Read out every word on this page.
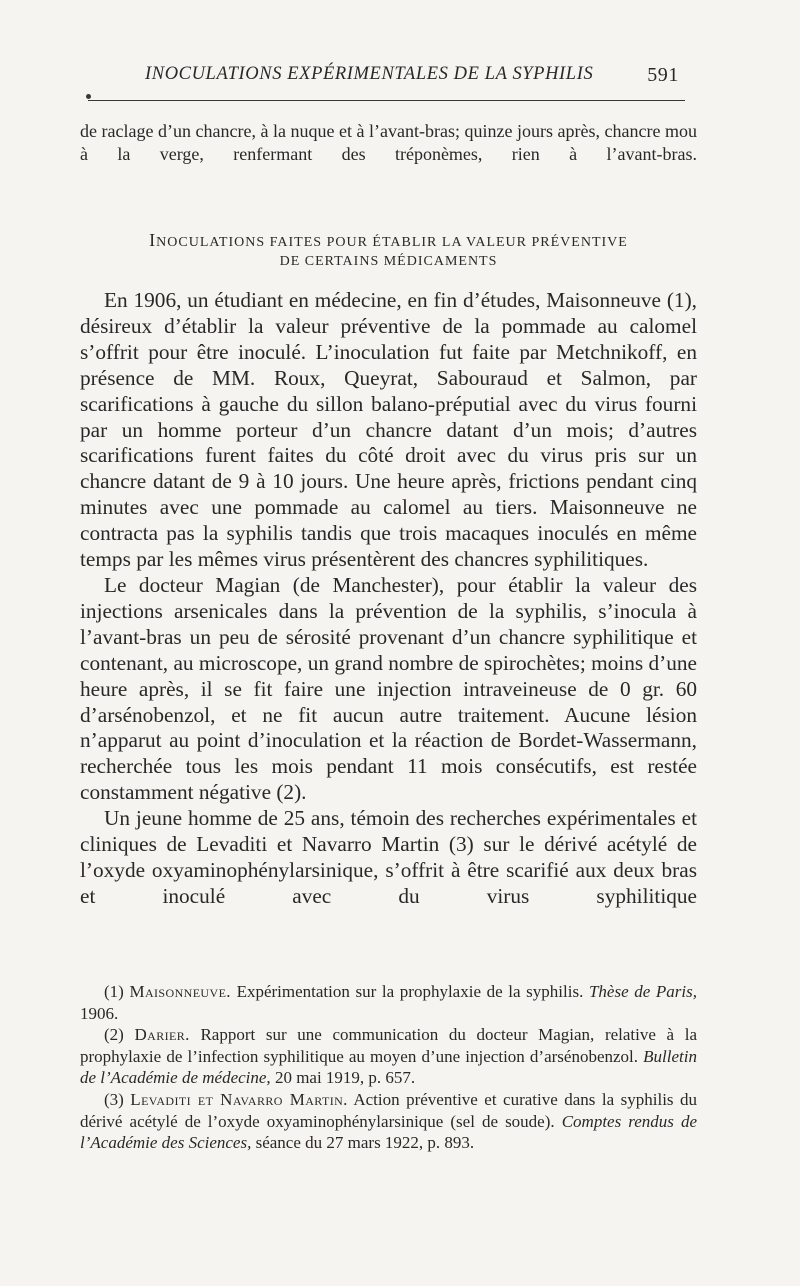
INOCULATIONS EXPÉRIMENTALES DE LA SYPHILIS	591
de raclage d’un chancre, à la nuque et à l’avant-bras; quinze jours après, chancre mou à la verge, renfermant des tréponèmes, rien à l’avant-bras.
INOCULATIONS FAITES POUR ÉTABLIR LA VALEUR PRÉVENTIVE
DE CERTAINS MÉDICAMENTS

En 1906, un étudiant en médecine, en fin d’études, Maisonneuve (1), désireux d’établir la valeur préventive de la pommade au calomel s’offrit pour être inoculé. L’inoculation fut faite par Metchnikoff, en présence de MM. Roux, Queyrat, Sabouraud et Salmon, par scarifications à gauche du sillon balano-préputial avec du virus fourni par un homme porteur d’un chancre datant d’un mois; d’autres scarifications furent faites du côté droit avec du virus pris sur un chancre datant de 9 à 10 jours. Une heure après, frictions pendant cinq minutes avec une pommade au calomel au tiers. Maisonneuve ne contracta pas la syphilis tandis que trois macaques inoculés en même temps par les mêmes virus présentèrent des chancres syphilitiques.

Le docteur Magian (de Manchester), pour établir la valeur des injections arsenicales dans la prévention de la syphilis, s’inocula à l’avant-bras un peu de sérosité provenant d’un chancre syphilitique et contenant, au microscope, un grand nombre de spirochètes; moins d’une heure après, il se fit faire une injection intraveineuse de 0 gr. 60 d’arsénobenzol, et ne fit aucun autre traitement. Aucune lésion n’apparut au point d’inoculation et la réaction de Bordet-Wassermann, recherchée tous les mois pendant 11 mois consécutifs, est restée constamment négative (2).

Un jeune homme de 25 ans, témoin des recherches expérimentales et cliniques de Levaditi et Navarro Martin (3) sur le dérivé acétylé de l’oxyde oxyaminophénylarsinique, s’offrit à être scarifié aux deux bras et inoculé avec du virus syphilitique

(1) Maisonneuve. Expérimentation sur la prophylaxie de la syphilis. Thèse de Paris, 1906.

(2) Darier. Rapport sur une communication du docteur Magian, relative à la prophylaxie de l’infection syphilitique au moyen d’une injection d’arsénobenzol. Bulletin de l’Académie de médecine, 20 mai 1919, p. 657.

(3) Levaditi et Navarro Martin. Action préventive et curative dans la syphilis du dérivé acétylé de l’oxyde oxyaminophénylarsinique (sel de soude). Comptes rendus de l’Académie des Sciences, séance du 27 mars 1922, p. 893.
